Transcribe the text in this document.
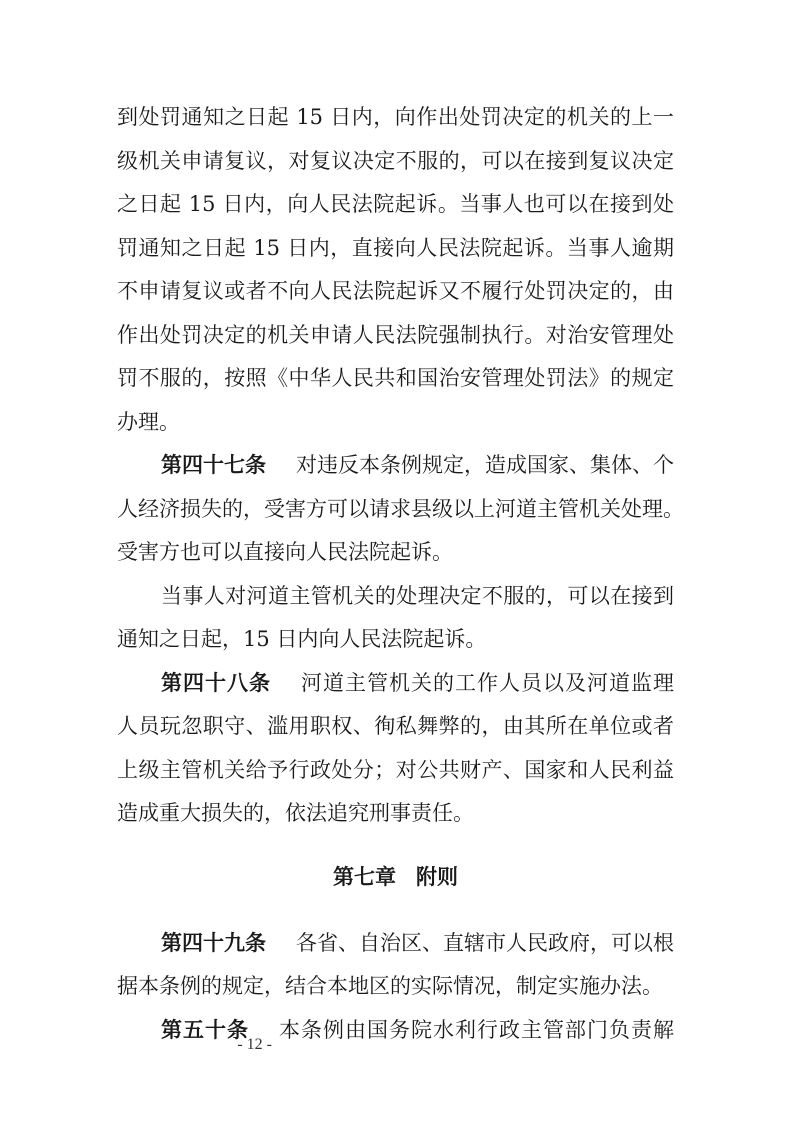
到处罚通知之日起 15 日内，向作出处罚决定的机关的上一
级机关申请复议，对复议决定不服的，可以在接到复议决定
之日起 15 日内，向人民法院起诉。当事人也可以在接到处
罚通知之日起 15 日内，直接向人民法院起诉。当事人逾期
不申请复议或者不向人民法院起诉又不履行处罚决定的，由
作出处罚决定的机关申请人民法院强制执行。对治安管理处
罚不服的，按照《中华人民共和国治安管理处罚法》的规定
办理。
第四十七条 对违反本条例规定，造成国家、集体、个
人经济损失的，受害方可以请求县级以上河道主管机关处理。
受害方也可以直接向人民法院起诉。
当事人对河道主管机关的处理决定不服的，可以在接到
通知之日起，15 日内向人民法院起诉。
第四十八条 河道主管机关的工作人员以及河道监理
人员玩忽职守、滥用职权、徇私舞弊的，由其所在单位或者
上级主管机关给予行政处分；对公共财产、国家和人民利益
造成重大损失的，依法追究刑事责任。
第七章 附则
第四十九条 各省、自治区、直辖市人民政府，可以根
据本条例的规定，结合本地区的实际情况，制定实施办法。
第五十条 本条例由国务院水利行政主管部门负责解
- 12 -
